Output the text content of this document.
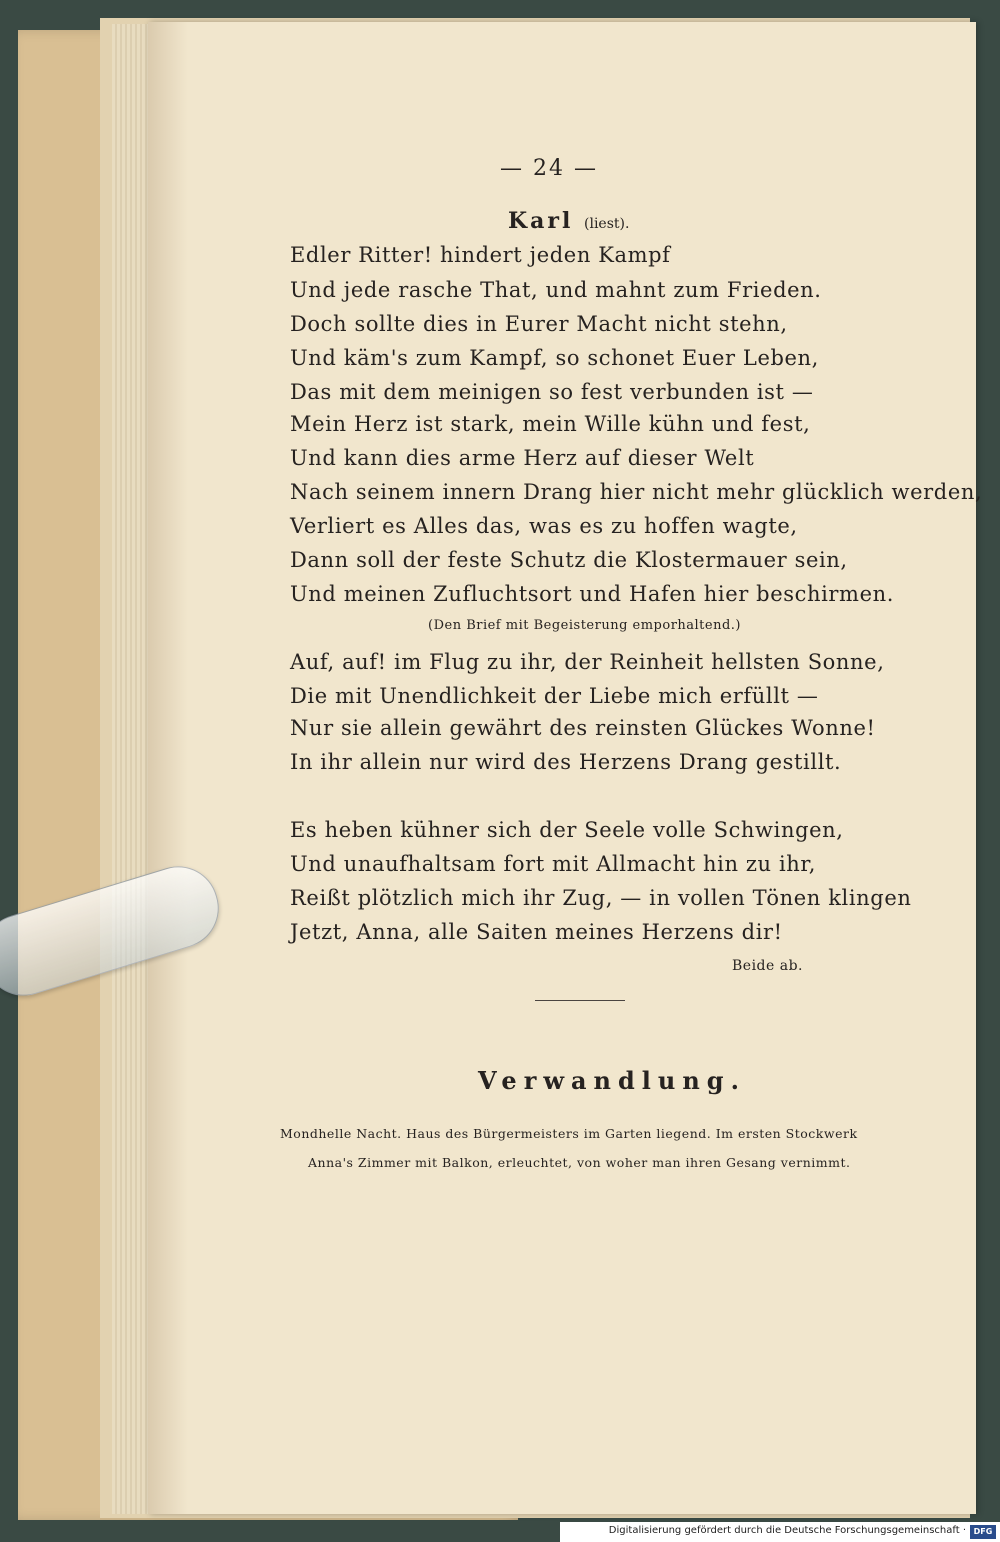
— 24 —
Karl (liest).
Edler Ritter! hindert jeden Kampf
Und jede rasche That, und mahnt zum Frieden.
Doch sollte dies in Eurer Macht nicht stehn,
Und käm's zum Kampf, so schonet Euer Leben,
Das mit dem meinigen so fest verbunden ist —
Mein Herz ist stark, mein Wille kühn und fest,
Und kann dies arme Herz auf dieser Welt
Nach seinem innern Drang hier nicht mehr glücklich werden,
Verliert es Alles das, was es zu hoffen wagte,
Dann soll der feste Schutz die Klostermauer sein,
Und meinen Zufluchtsort und Hafen hier beschirmen.
(Den Brief mit Begeisterung emporhaltend.)
Auf, auf! im Flug zu ihr, der Reinheit hellsten Sonne,
Die mit Unendlichkeit der Liebe mich erfüllt —
Nur sie allein gewährt des reinsten Glückes Wonne!
In ihr allein nur wird des Herzens Drang gestillt.
Es heben kühner sich der Seele volle Schwingen,
Und unaufhaltsam fort mit Allmacht hin zu ihr,
Reißt plötzlich mich ihr Zug, — in vollen Tönen klingen
Jetzt, Anna, alle Saiten meines Herzens dir!
Beide ab.
Verwandlung.
Mondhelle Nacht. Haus des Bürgermeisters im Garten liegend. Im ersten Stockwerk
Anna's Zimmer mit Balkon, erleuchtet, von woher man ihren Gesang vernimmt.
Digitalisierung gefördert durch die Deutsche Forschungsgemeinschaft · DFG
